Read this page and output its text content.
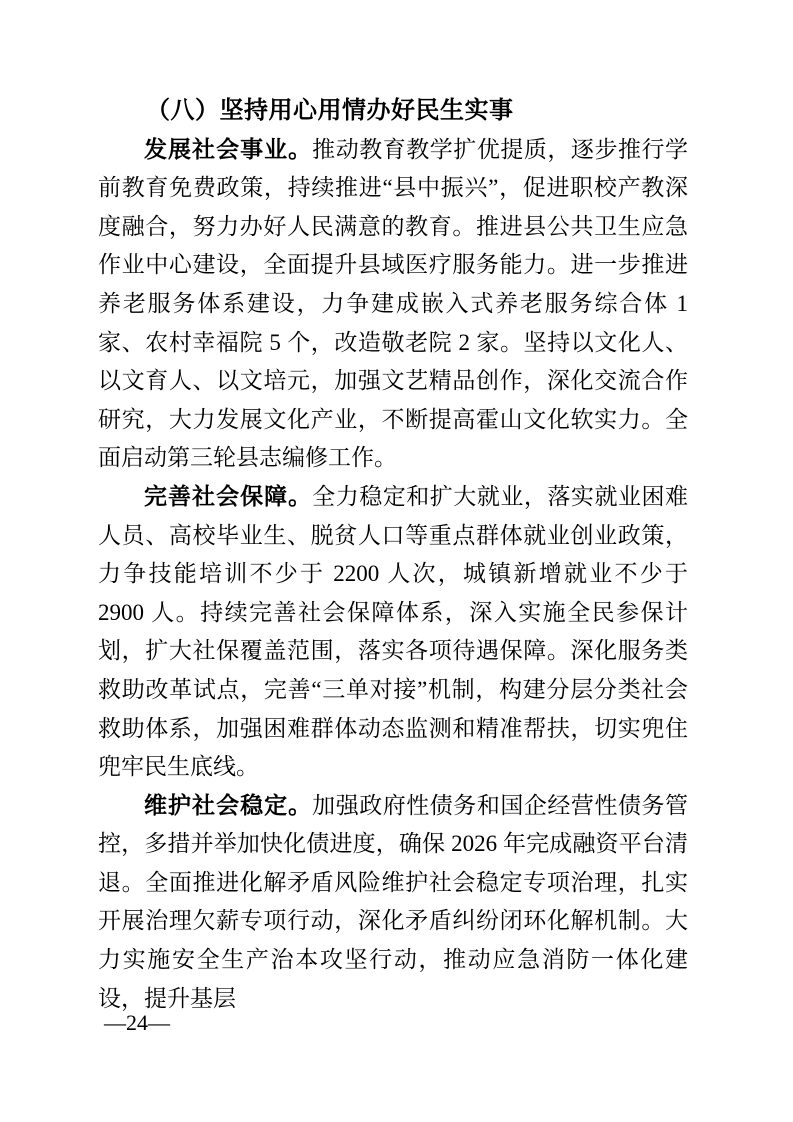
（八）坚持用心用情办好民生实事

发展社会事业。推动教育教学扩优提质，逐步推行学前教育免费政策，持续推进“县中振兴”，促进职校产教深度融合，努力办好人民满意的教育。推进县公共卫生应急作业中心建设，全面提升县域医疗服务能力。进一步推进养老服务体系建设，力争建成嵌入式养老服务综合体 1 家、农村幸福院 5 个，改造敬老院 2 家。坚持以文化人、以文育人、以文培元，加强文艺精品创作，深化交流合作研究，大力发展文化产业，不断提高霍山文化软实力。全面启动第三轮县志编修工作。

完善社会保障。全力稳定和扩大就业，落实就业困难人员、高校毕业生、脱贫人口等重点群体就业创业政策，力争技能培训不少于 2200 人次，城镇新增就业不少于 2900 人。持续完善社会保障体系，深入实施全民参保计划，扩大社保覆盖范围，落实各项待遇保障。深化服务类救助改革试点，完善“三单对接”机制，构建分层分类社会救助体系，加强困难群体动态监测和精准帮扶，切实兜住兜牢民生底线。

维护社会稳定。加强政府性债务和国企经营性债务管控，多措并举加快化债进度，确保 2026 年完成融资平台清退。全面推进化解矛盾风险维护社会稳定专项治理，扎实开展治理欠薪专项行动，深化矛盾纠纷闭环化解机制。大力实施安全生产治本攻坚行动，推动应急消防一体化建设，提升基层

—24—
